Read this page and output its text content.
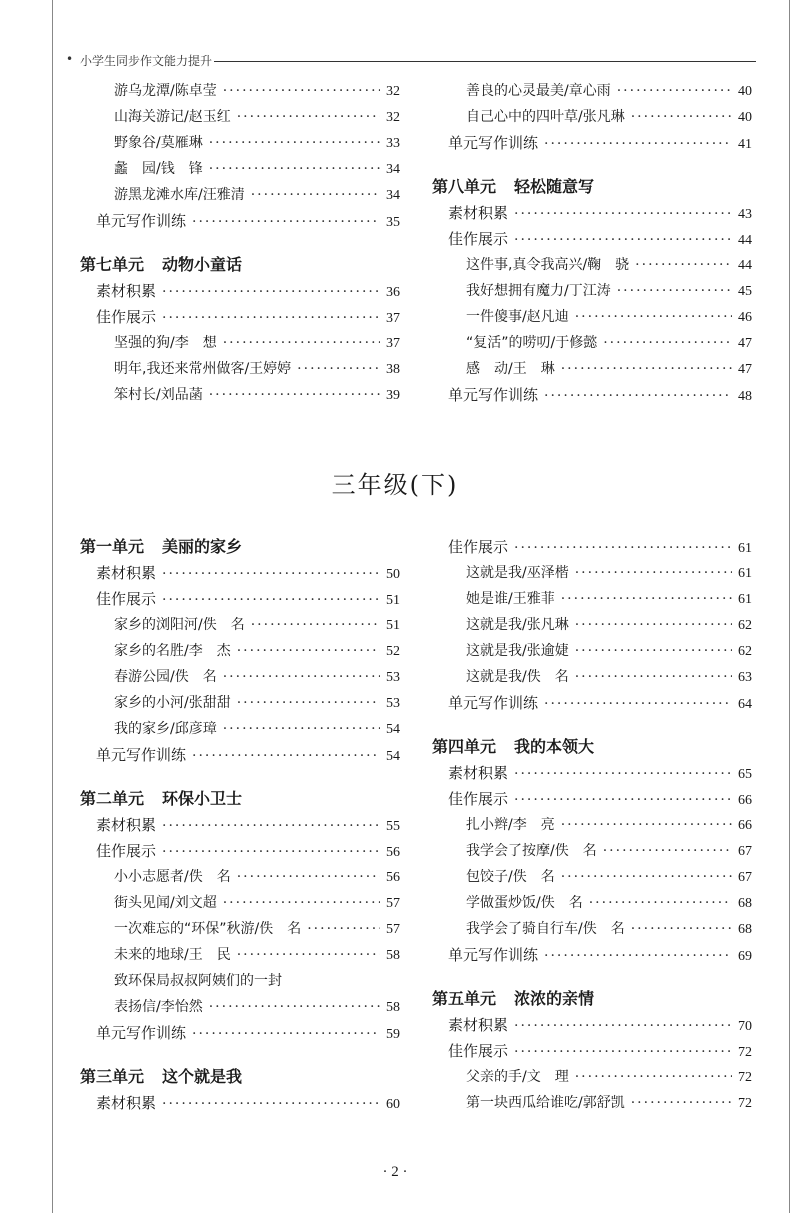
• 小学生同步作文能力提升
游乌龙潭/陈卓莹 ·····	32
山海关游记/赵玉红 ·····	32
野象谷/莫雁琳 ·····	33
蠡　园/钱　锋 ·····	34
游黑龙滩水库/汪雅清 ·····	34
单元写作训练 ·····	35
第七单元 动物小童话
素材积累 ·····	36
佳作展示 ·····	37
坚强的狗/李　想 ·····	37
明年,我还来常州做客/王婷婷 ·····	38
笨村长/刘品菡 ·····	39
善良的心灵最美/章心雨 ·····	40
自己心中的四叶草/张凡琳 ·····	40
单元写作训练 ·····	41
第八单元 轻松随意写
素材积累 ·····	43
佳作展示 ·····	44
这件事,真令我高兴/鞠　骁 ·····	44
我好想拥有魔力/丁江涛 ·····	45
一件傻事/赵凡迪 ·····	46
“复活”的唠叨/于修懿 ·····	47
感　动/王　琳 ·····	47
单元写作训练 ·····	48
三年级(下)
第一单元 美丽的家乡
素材积累 ·····	50
佳作展示 ·····	51
家乡的浏阳河/佚　名 ·····	51
家乡的名胜/李　杰 ·····	52
春游公园/佚　名 ·····	53
家乡的小河/张甜甜 ·····	53
我的家乡/邱彦璋 ·····	54
单元写作训练 ·····	54
第二单元 环保小卫士
素材积累 ·····	55
佳作展示 ·····	56
小小志愿者/佚　名 ·····	56
街头见闻/刘文超 ·····	57
一次难忘的“环保”秋游/佚　名 ·····	57
未来的地球/王　民 ·····	58
致环保局叔叔阿姨们的一封
表扬信/李怡然 ·····	58
单元写作训练 ·····	59
第三单元 这个就是我
素材积累 ·····	60
佳作展示 ·····	61
这就是我/巫泽楷 ·····	61
她是谁/王雅菲 ·····	61
这就是我/张凡琳 ·····	62
这就是我/张逾婕 ·····	62
这就是我/佚　名 ·····	63
单元写作训练 ·····	64
第四单元 我的本领大
素材积累 ·····	65
佳作展示 ·····	66
扎小辫/李　亮 ·····	66
我学会了按摩/佚　名 ·····	67
包饺子/佚　名 ·····	67
学做蛋炒饭/佚　名 ·····	68
我学会了骑自行车/佚　名 ·····	68
单元写作训练 ·····	69
第五单元 浓浓的亲情
素材积累 ·····	70
佳作展示 ·····	72
父亲的手/文　理 ·····	72
第一块西瓜给谁吃/郭舒凯 ·····	72
· 2 ·
